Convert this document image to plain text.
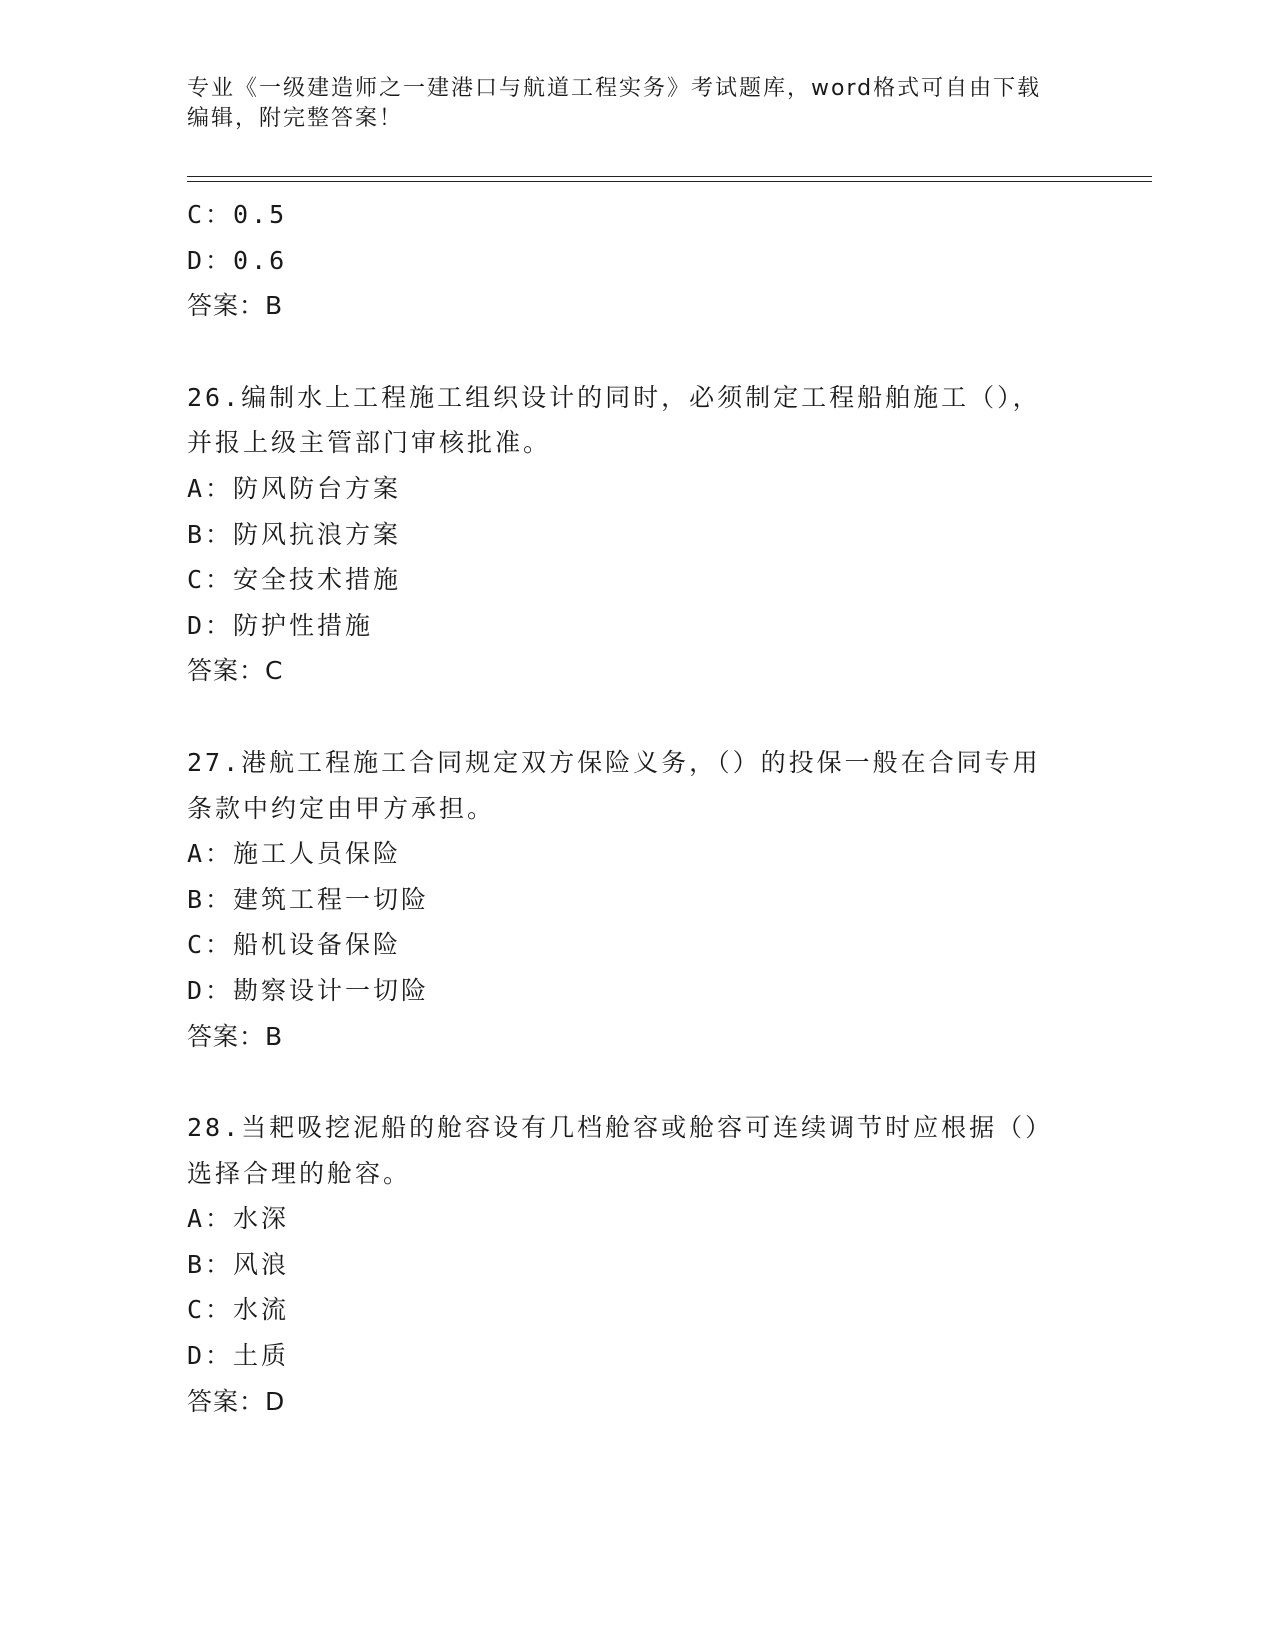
专业《一级建造师之一建港口与航道工程实务》考试题库，word格式可自由下载
编辑，附完整答案！
C：0.5
D：0.6
答案：B
26.编制水上工程施工组织设计的同时，必须制定工程船舶施工（），
并报上级主管部门审核批准。
A：防风防台方案
B：防风抗浪方案
C：安全技术措施
D：防护性措施
答案：C
27.港航工程施工合同规定双方保险义务，（）的投保一般在合同专用
条款中约定由甲方承担。
A：施工人员保险
B：建筑工程一切险
C：船机设备保险
D：勘察设计一切险
答案：B
28.当耙吸挖泥船的舱容设有几档舱容或舱容可连续调节时应根据（）
选择合理的舱容。
A：水深
B：风浪
C：水流
D：土质
答案：D
